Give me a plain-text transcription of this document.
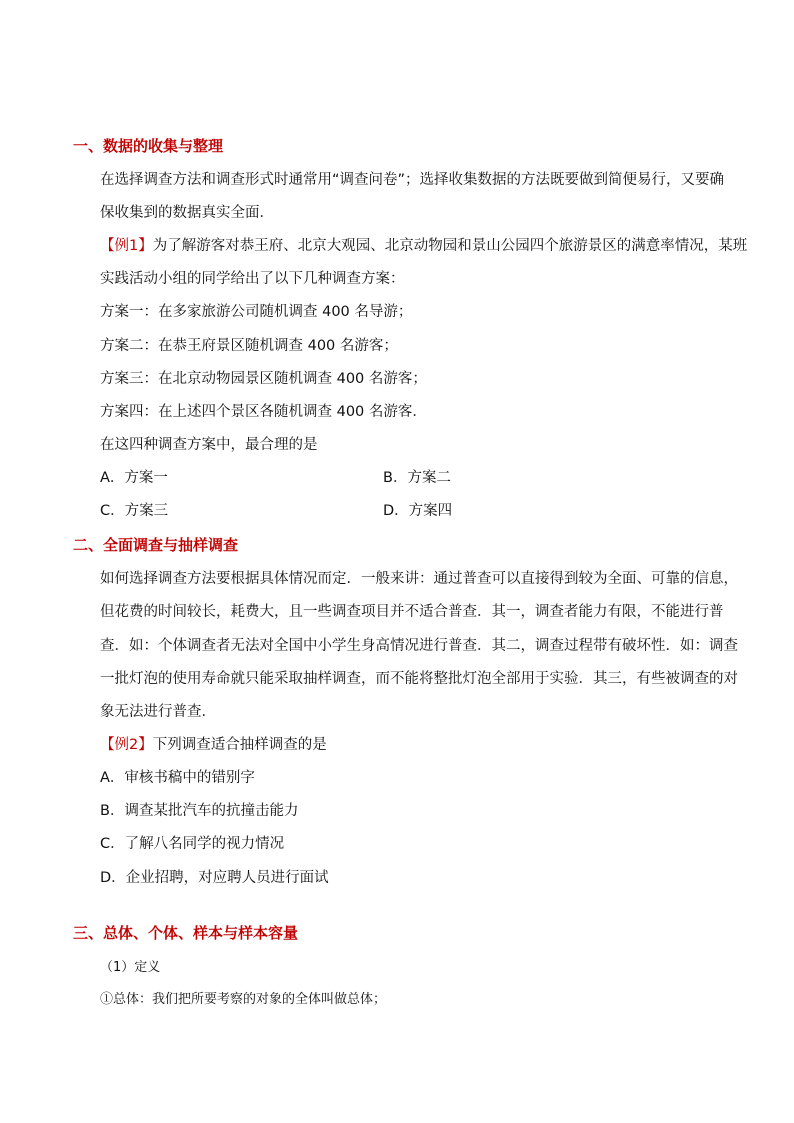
一、数据的收集与整理
在选择调查方法和调查形式时通常用“调查问卷”；选择收集数据的方法既要做到简便易行，又要确
保收集到的数据真实全面．
【例1】为了解游客对恭王府、北京大观园、北京动物园和景山公园四个旅游景区的满意率情况，某班
实践活动小组的同学给出了以下几种调查方案：
方案一：在多家旅游公司随机调查 400 名导游；
方案二：在恭王府景区随机调查 400 名游客；
方案三：在北京动物园景区随机调查 400 名游客；
方案四：在上述四个景区各随机调查 400 名游客．
在这四种调查方案中，最合理的是
A．方案一	B．方案二
C．方案三	D．方案四
二、全面调查与抽样调查
如何选择调查方法要根据具体情况而定．一般来讲：通过普查可以直接得到较为全面、可靠的信息，
但花费的时间较长，耗费大，且一些调查项目并不适合普查．其一，调查者能力有限，不能进行普
查．如：个体调查者无法对全国中小学生身高情况进行普查．其二，调查过程带有破坏性．如：调查
一批灯泡的使用寿命就只能采取抽样调查，而不能将整批灯泡全部用于实验．其三，有些被调查的对
象无法进行普查．
【例2】下列调查适合抽样调查的是
A．审核书稿中的错别字
B．调查某批汽车的抗撞击能力
C．了解八名同学的视力情况
D．企业招聘，对应聘人员进行面试
三、总体、个体、样本与样本容量
（1）定义
①总体：我们把所要考察的对象的全体叫做总体；
